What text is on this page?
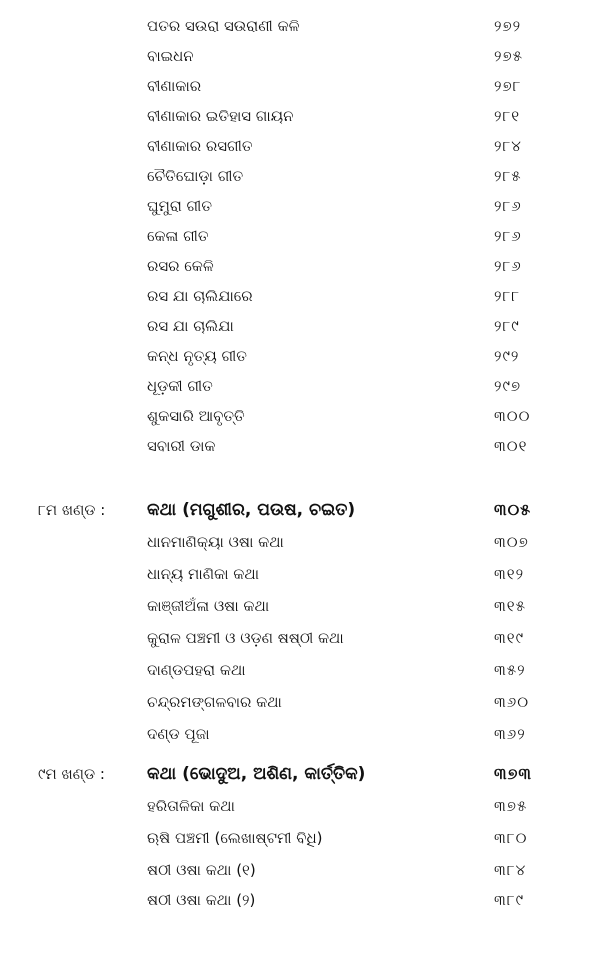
ପତର ସଉରା ସଉରାଣୀ କଳି	୨୭୨
ବାଇଧନ	୨୭୫
ବୀଣାକାର	୨୭୮
ବୀଣାକାର ଇତିହାସ ଗାୟନ	୨୮୧
ବୀଣାକାର ରସଗୀତ	୨୮୪
ଚୈତିଘୋଡ଼ା ଗୀତ	୨୮୫
ଘୁମୁରା ଗୀତ	୨୮୬
କେଳା ଗୀତ	୨୮୬
ରସର କେଳି	୨୮୬
ରସ ଯା ଚାଲିଯାରେ	୨୮୮
ରସ ଯା ଚାଲିଯା	୨୮୯
କନ୍ଧ ନୃତ୍ୟ ଗୀତ	୨୯୨
ଧୂଡ଼କୀ ଗୀତ	୨୯୭
ଶୁକସାରି ଆବୃତ୍ତି	୩୦୦
ସବାରୀ ଡାକ	୩୦୧
୮ମ ଖଣ୍ଡ : କଥା (ମଗୁଶୀର, ପଉଷ, ଚଇତ)	୩୦୫
ଧାନମାଣିକ୍ୟା ଓଷା କଥା	୩୦୭
ଧାନ୍ୟ ମାଣିକା କଥା	୩୧୨
କାଞ୍ଜୀଅଁଳା ଓଷା କଥା	୩୧୫
କୁରାଳ ପଞ୍ଚମୀ ଓ ଓଡ଼ଣ ଷଷ୍ଠୀ କଥା	୩୧୯
ଦାଣ୍ଡପହରା କଥା	୩୫୨
ଚନ୍ଦ୍ରମଙ୍ଗଳବାର କଥା	୩୬୦
ଦଣ୍ଡ ପୂଜା	୩୬୨
୯ମ ଖଣ୍ଡ : କଥା (ଭୋଦୁଅ, ଅଶିଣ, କାର୍ତ୍ତିକ)	୩୭୩
ହରିତାଳିକା କଥା	୩୭୫
ଋଷି ପଞ୍ଚମୀ (ଲେଖାଷ୍ଟମୀ ବିଧି)	୩୮୦
ଷଠୀ ଓଷା କଥା (୧)	୩୮୪
ଷଠୀ ଓଷା କଥା (୨)	୩୮୯
